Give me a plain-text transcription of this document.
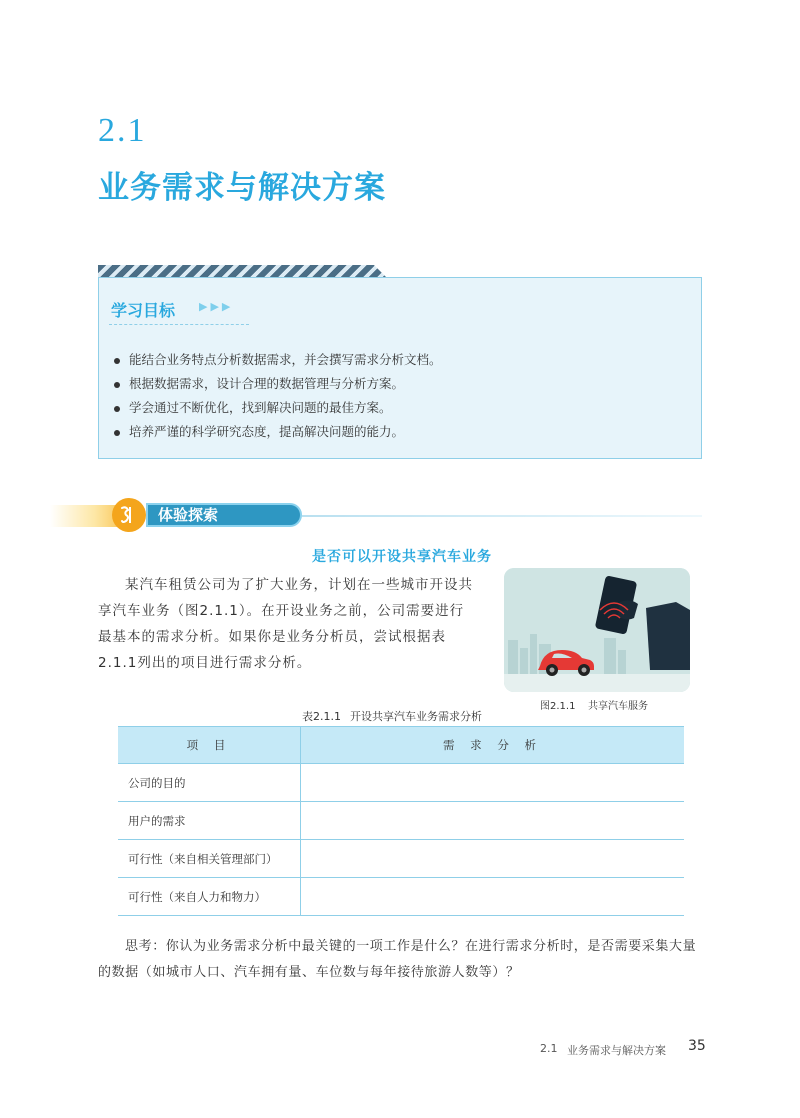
2.1
业务需求与解决方案
学习目标 ▶▶▶
能结合业务特点分析数据需求，并会撰写需求分析文档。
根据数据需求，设计合理的数据管理与分析方案。
学会通过不断优化，找到解决问题的最佳方案。
培养严谨的科学研究态度，提高解决问题的能力。
体验探索
是否可以开设共享汽车业务

某汽车租赁公司为了扩大业务，计划在一些城市开设共享汽车业务（图2.1.1）。在开设业务之前，公司需要进行最基本的需求分析。如果你是业务分析员，尝试根据表2.1.1列出的项目进行需求分析。

图2.1.1 共享汽车服务
表2.1.1 开设共享汽车业务需求分析
项 目	需 求 分 析
公司的目的	
用户的需求	
可行性（来自相关管理部门）	
可行性（来自人力和物力）	

思考：你认为业务需求分析中最关键的一项工作是什么？在进行需求分析时，是否需要采集大量的数据（如城市人口、汽车拥有量、车位数与每年接待旅游人数等）？

2.1 业务需求与解决方案 35
